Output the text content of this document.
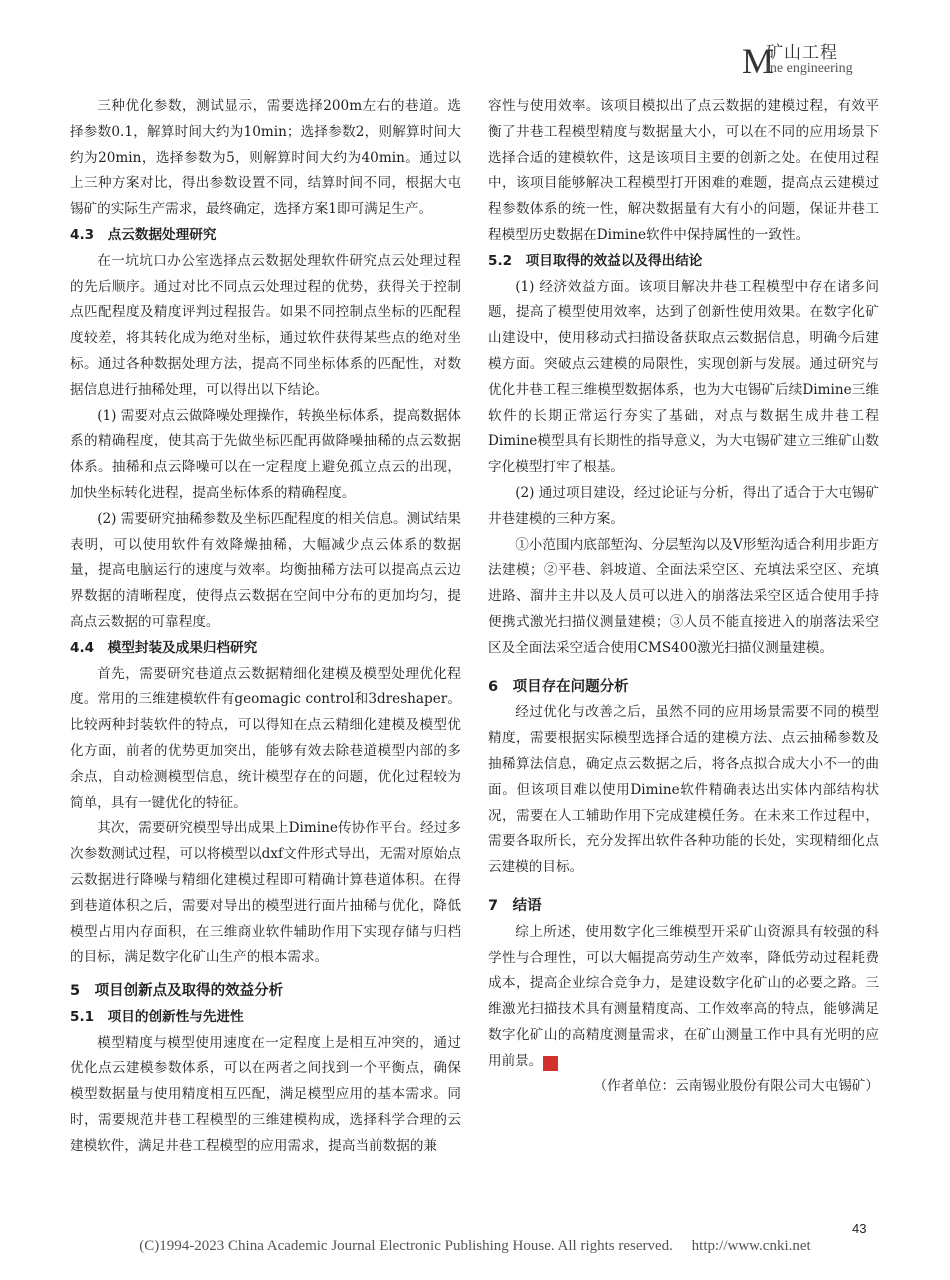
M
矿山工程
ine engineering

三种优化参数，测试显示，需要选择200m左右的巷道。选择参数0.1，解算时间大约为10min；选择参数2，则解算时间大约为20min，选择参数为5，则解算时间大约为40min。通过以上三种方案对比，得出参数设置不同，结算时间不同，根据大屯锡矿的实际生产需求，最终确定，选择方案1即可满足生产。

4.3　点云数据处理研究

在一坑坑口办公室选择点云数据处理软件研究点云处理过程的先后顺序。通过对比不同点云处理过程的优势，获得关于控制点匹配程度及精度评判过程报告。如果不同控制点坐标的匹配程度较差，将其转化成为绝对坐标，通过软件获得某些点的绝对坐标。通过各种数据处理方法，提高不同坐标体系的匹配性，对数据信息进行抽稀处理，可以得出以下结论。

(1) 需要对点云做降噪处理操作，转换坐标体系，提高数据体系的精确程度，使其高于先做坐标匹配再做降噪抽稀的点云数据体系。抽稀和点云降噪可以在一定程度上避免孤立点云的出现，加快坐标转化进程，提高坐标体系的精确程度。

(2) 需要研究抽稀参数及坐标匹配程度的相关信息。测试结果表明，可以使用软件有效降燥抽稀，大幅减少点云体系的数据量，提高电脑运行的速度与效率。均衡抽稀方法可以提高点云边界数据的清晰程度，使得点云数据在空间中分布的更加均匀，提高点云数据的可靠程度。

4.4　模型封装及成果归档研究

首先，需要研究巷道点云数据精细化建模及模型处理优化程度。常用的三维建模软件有geomagic control和3dreshaper。比较两种封装软件的特点，可以得知在点云精细化建模及模型优化方面，前者的优势更加突出，能够有效去除巷道模型内部的多余点，自动检测模型信息，统计模型存在的问题，优化过程较为简单，具有一键优化的特征。

其次，需要研究模型导出成果上Dimine传协作平台。经过多次参数测试过程，可以将模型以dxf文件形式导出，无需对原始点云数据进行降噪与精细化建模过程即可精确计算巷道体积。在得到巷道体积之后，需要对导出的模型进行面片抽稀与优化，降低模型占用内存面积，在三维商业软件辅助作用下实现存储与归档的目标，满足数字化矿山生产的根本需求。

5　项目创新点及取得的效益分析
5.1　项目的创新性与先进性

模型精度与模型使用速度在一定程度上是相互冲突的，通过优化点云建模参数体系，可以在两者之间找到一个平衡点，确保模型数据量与使用精度相互匹配，满足模型应用的基本需求。同时，需要规范井巷工程模型的三维建模构成，选择科学合理的云建模软件，满足井巷工程模型的应用需求，提高当前数据的兼

容性与使用效率。该项目模拟出了点云数据的建模过程，有效平衡了井巷工程模型精度与数据量大小，可以在不同的应用场景下选择合适的建模软件，这是该项目主要的创新之处。在使用过程中，该项目能够解决工程模型打开困难的难题，提高点云建模过程参数体系的统一性，解决数据量有大有小的问题，保证井巷工程模型历史数据在Dimine软件中保持属性的一致性。

5.2　项目取得的效益以及得出结论

(1) 经济效益方面。该项目解决井巷工程模型中存在诸多问题，提高了模型使用效率，达到了创新性使用效果。在数字化矿山建设中，使用移动式扫描设备获取点云数据信息，明确今后建模方面。突破点云建模的局限性，实现创新与发展。通过研究与优化井巷工程三维模型数据体系，也为大屯锡矿后续Dimine三维软件的长期正常运行夯实了基础，对点与数据生成井巷工程Dimine模型具有长期性的指导意义，为大屯锡矿建立三维矿山数字化模型打牢了根基。

(2) 通过项目建设，经过论证与分析，得出了适合于大屯锡矿井巷建模的三种方案。

①小范围内底部堑沟、分层堑沟以及V形堑沟适合利用步距方法建模；②平巷、斜坡道、全面法采空区、充填法采空区、充填进路、溜井主井以及人员可以进入的崩落法采空区适合使用手持便携式激光扫描仪测量建模；③人员不能直接进入的崩落法采空区及全面法采空适合使用CMS400激光扫描仪测量建模。

6　项目存在问题分析

经过优化与改善之后，虽然不同的应用场景需要不同的模型精度，需要根据实际模型选择合适的建模方法、点云抽稀参数及抽稀算法信息，确定点云数据之后，将各点拟合成大小不一的曲面。但该项目难以使用Dimine软件精确表达出实体内部结构状况，需要在人工辅助作用下完成建模任务。在未来工作过程中，需要各取所长，充分发挥出软件各种功能的长处，实现精细化点云建模的目标。

7　结语

综上所述，使用数字化三维模型开采矿山资源具有较强的科学性与合理性，可以大幅提高劳动生产效率，降低劳动过程耗费成本，提高企业综合竞争力，是建设数字化矿山的必要之路。三维激光扫描技术具有测量精度高、工作效率高的特点，能够满足数字化矿山的高精度测量需求，在矿山测量工作中具有光明的应用前景。	通

（作者单位：云南锡业股份有限公司大屯锡矿）

43
(C)1994-2023 China Academic Journal Electronic Publishing House. All rights reserved.　 http://www.cnki.net
